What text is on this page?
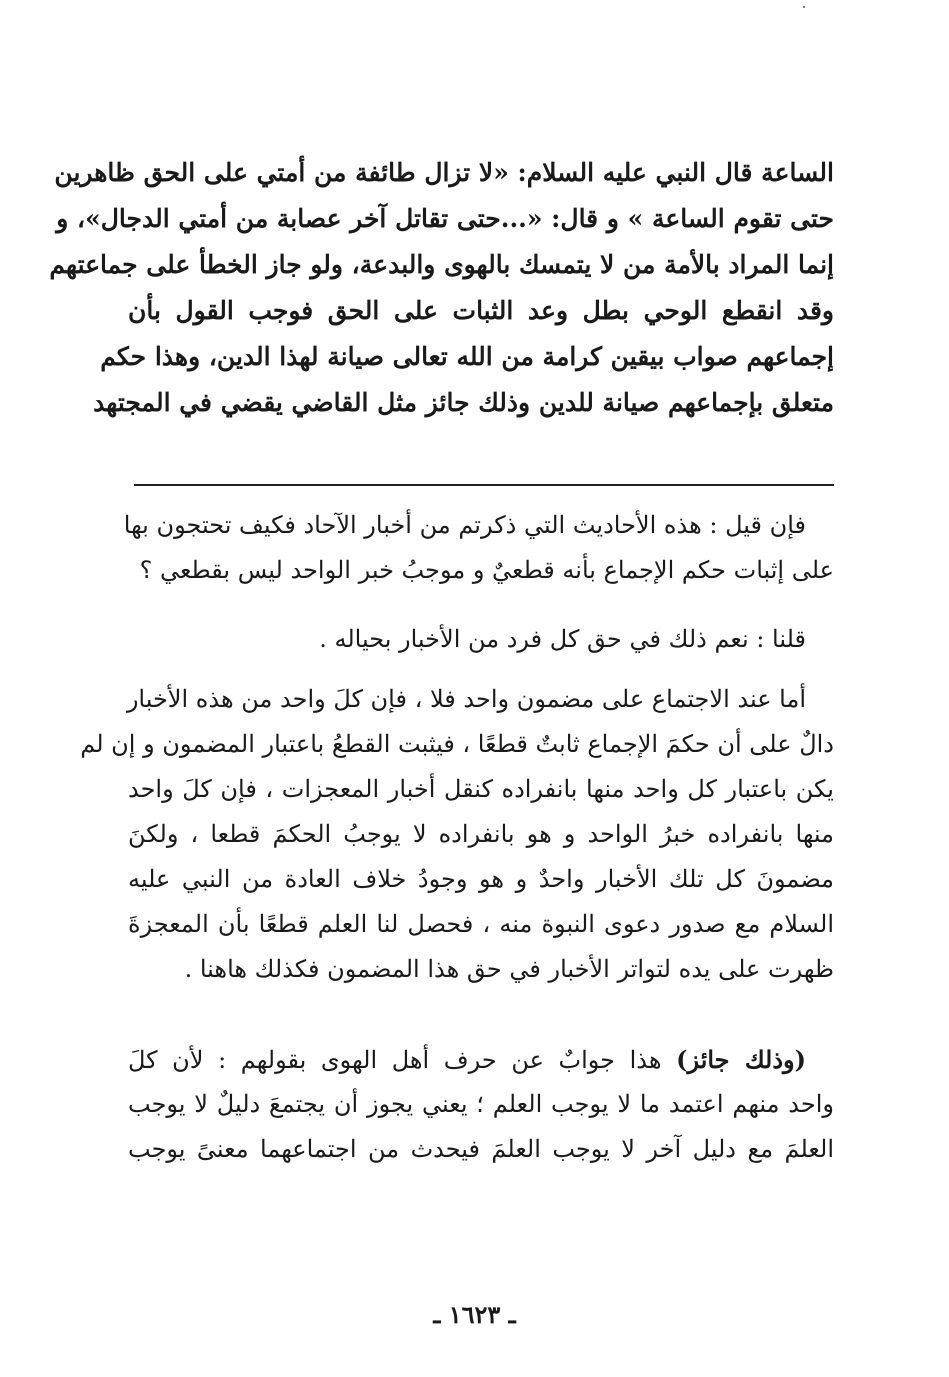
الساعة قال النبي عليه السلام: «لا تزال طائفة من أمتي على الحق ظاهرين
حتى تقوم الساعة » و قال: «...حتى تقاتل آخر عصابة من أمتي الدجال»، و
إنما المراد بالأمة من لا يتمسك بالهوى والبدعة، ولو جاز الخطأ على جماعتهم
وقد انقطع الوحي بطل وعد الثبات على الحق فوجب القول بأن
إجماعهم صواب بيقين كرامة من الله تعالى صيانة لهذا الدين، وهذا حكم
متعلق بإجماعهم صيانة للدين وذلك جائز مثل القاضي يقضي في المجتهد
فإن قيل : هذه الأحاديث التي ذكرتم من أخبار الآحاد فكيف تحتجون بها
على إثبات حكم الإجماع بأنه قطعيٌ و موجبُ خبر الواحد ليس بقطعي ؟
قلنا : نعم ذلك في حق كل فرد من الأخبار بحياله .
أما عند الاجتماع على مضمون واحد فلا ، فإن كلَ واحد من هذه الأخبار
دالٌ على أن حكمَ الإجماع ثابتٌ قطعًا ، فيثبت القطعُ باعتبار المضمون و إن لم
يكن باعتبار كل واحد منها بانفراده كنقل أخبار المعجزات ، فإن كلَ واحد
منها بانفراده خبرُ الواحد و هو بانفراده لا يوجبُ الحكمَ قطعا ، ولكنَ
مضمونَ كل تلك الأخبار واحدٌ و هو وجودُ خلاف العادة من النبي عليه
السلام مع صدور دعوى النبوة منه ، فحصل لنا العلم قطعًا بأن المعجزةَ
ظهرت على يده لتواتر الأخبار في حق هذا المضمون فكذلك هاهنا .
(وذلك جائز) هذا جوابٌ عن حرف أهل الهوى بقولهم : لأن كلَ
واحد منهم اعتمد ما لا يوجب العلم ؛ يعني يجوز أن يجتمعَ دليلٌ لا يوجب
العلمَ مع دليل آخر لا يوجب العلمَ فيحدث من اجتماعهما معنىً يوجب
ـ ١٦٢٣ ـ
